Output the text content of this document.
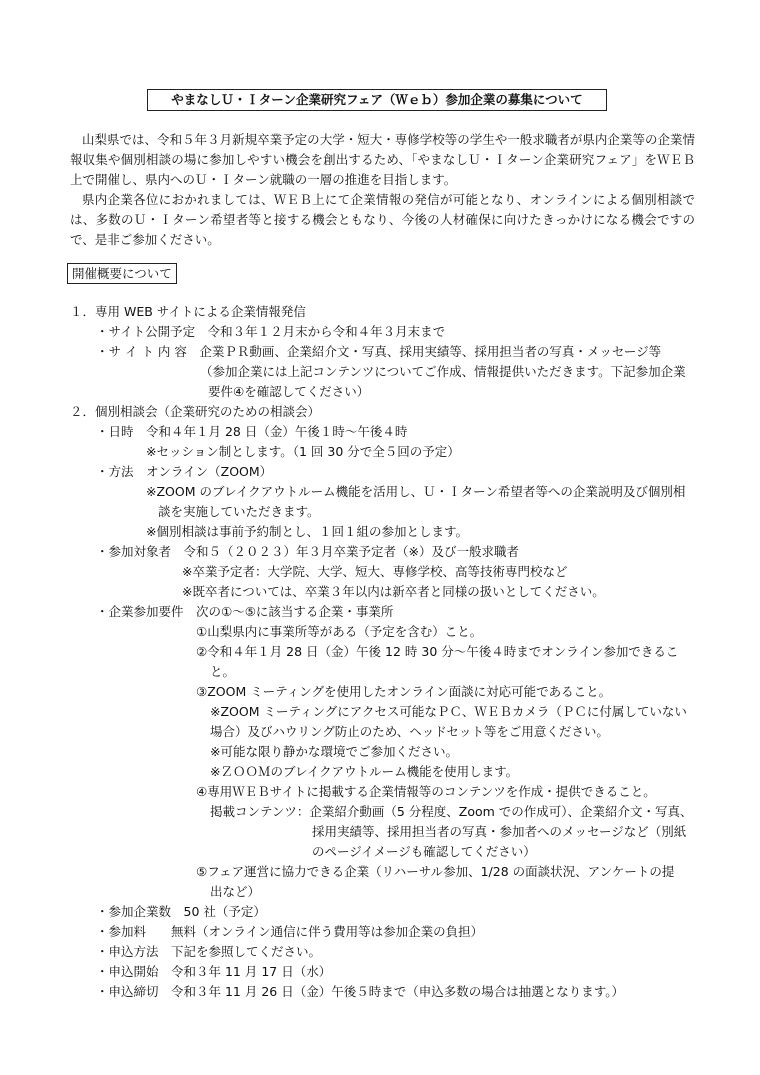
やまなしＵ・Ｉターン企業研究フェア（Ｗｅｂ）参加企業の募集について
山梨県では、令和５年３月新規卒業予定の大学・短大・専修学校等の学生や一般求職者が県内企業等の企業情報収集や個別相談の場に参加しやすい機会を創出するため、「やまなしＵ・Ｉターン企業研究フェア」をＷＥＢ上で開催し、県内へのＵ・Ｉターン就職の一層の推進を目指します。
県内企業各位におかれましては、ＷＥＢ上にて企業情報の発信が可能となり、オンラインによる個別相談では、多数のＵ・Ｉターン希望者等と接する機会ともなり、今後の人材確保に向けたきっかけになる機会ですので、是非ご参加ください。
開催概要について
１．専用 WEB サイトによる企業情報発信
・サイト公開予定　令和３年１２月末から令和４年３月末まで
・サ イ ト 内 容　企業ＰＲ動画、企業紹介文・写真、採用実績等、採用担当者の写真・メッセージ等
（参加企業には上記コンテンツについてご作成、情報提供いただきます。下記参加企業
要件④を確認してください）
２．個別相談会（企業研究のための相談会）
・日時　令和４年１月 28 日（金）午後１時～午後４時
※セッション制とします。（1 回 30 分で全５回の予定）
・方法　オンライン（ZOOM）
※ZOOM のブレイクアウトルーム機能を活用し、Ｕ・Ｉターン希望者等への企業説明及び個別相
談を実施していただきます。
※個別相談は事前予約制とし、１回１組の参加とします。
・参加対象者　令和５（２０２３）年３月卒業予定者（※）及び一般求職者
※卒業予定者：大学院、大学、短大、専修学校、高等技術専門校など
※既卒者については、卒業３年以内は新卒者と同様の扱いとしてください。
・企業参加要件　次の①～⑤に該当する企業・事業所
①山梨県内に事業所等がある（予定を含む）こと。
②令和４年１月 28 日（金）午後 12 時 30 分～午後４時までオンライン参加できるこ
と。
③ZOOM ミーティングを使用したオンライン面談に対応可能であること。
※ZOOM ミーティングにアクセス可能なＰＣ、ＷＥＢカメラ（ＰＣに付属していない
場合）及びハウリング防止のため、ヘッドセット等をご用意ください。
※可能な限り静かな環境でご参加ください。
※ＺＯＯＭのブレイクアウトルーム機能を使用します。
④専用ＷＥＢサイトに掲載する企業情報等のコンテンツを作成・提供できること。
掲載コンテンツ：企業紹介動画（5 分程度、Zoom での作成可）、企業紹介文・写真、
採用実績等、採用担当者の写真・参加者へのメッセージなど（別紙
のページイメージも確認してください）
⑤フェア運営に協力できる企業（リハーサル参加、1/28 の面談状況、アンケートの提
出など）
・参加企業数　50 社（予定）
・参加料　　無料（オンライン通信に伴う費用等は参加企業の負担）
・申込方法　下記を参照してください。
・申込開始　令和３年 11 月 17 日（水）
・申込締切　令和３年 11 月 26 日（金）午後５時まで（申込多数の場合は抽選となります。）
